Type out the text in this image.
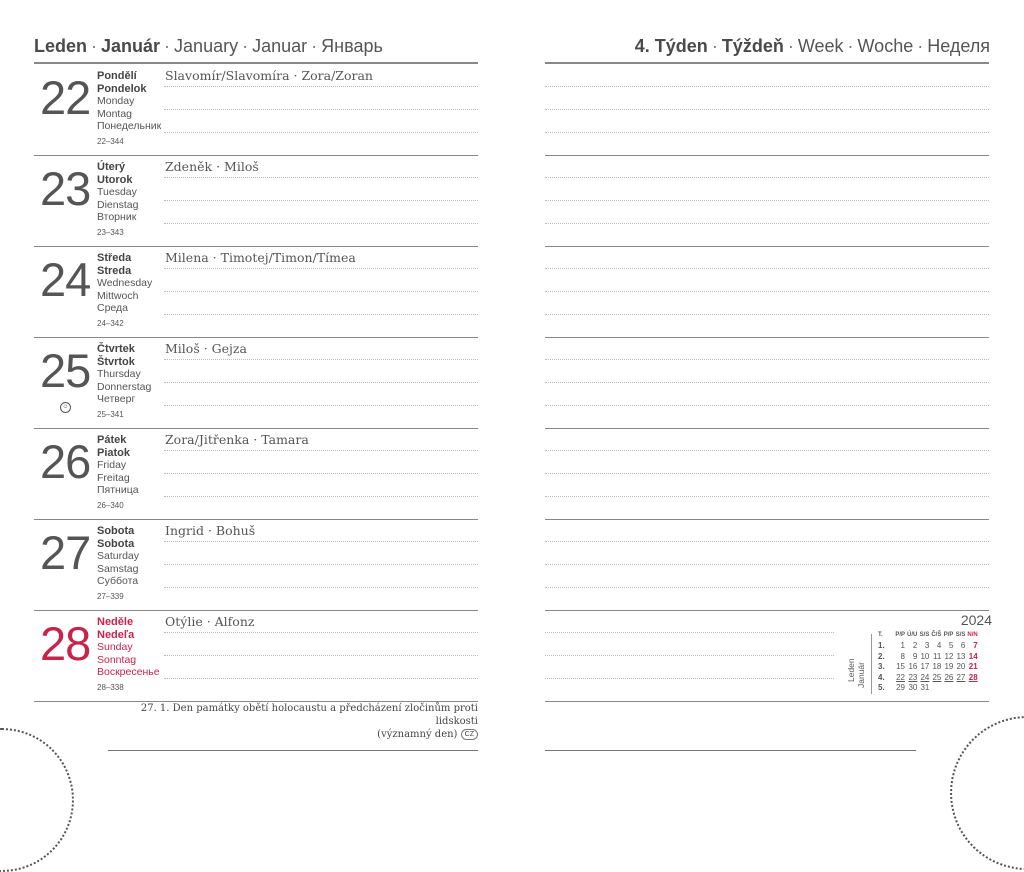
Leden · Január · January · Januar · Январь	4. Týden · Týždeň · Week · Woche · Неделя
22 Pondělí
Pondelok
Monday
Montag
Понедельник
22–344
Slavomír/Slavomíra · Zora/Zoran
23 Úterý
Utorok
Tuesday
Dienstag
Вторник
23–343
Zdeněk · Miloš
24 Středa
Streda
Wednesday
Mittwoch
Среда
24–342
Milena · Timotej/Timon/Tímea
25
☺
Čtvrtek
Štvrtok
Thursday
Donnerstag
Четверг
25–341
Miloš · Gejza
26 Pátek
Piatok
Friday
Freitag
Пятница
26–340
Zora/Jitřenka · Tamara
27 Sobota
Sobota
Saturday
Samstag
Суббота
27–339
Ingrid · Bohuš
28 Neděle
Nedeľa
Sunday
Sonntag
Воскресенье
28–338
Otýlie · Alfonz
27. 1. Den památky obětí holocaustu a předcházení zločinům proti lidskosti
(významný den) CZ
2024
Leden Január
T.	P/P	Ú/U	S/S	Č/Š	P/P	S/S	N/N
1.	1	2	3	4	5	6	7
2.	8	9	10	11	12	13	14
3.	15	16	17	18	19	20	21
4.	22	23	24	25	26	27	28
5.	29	30	31				
